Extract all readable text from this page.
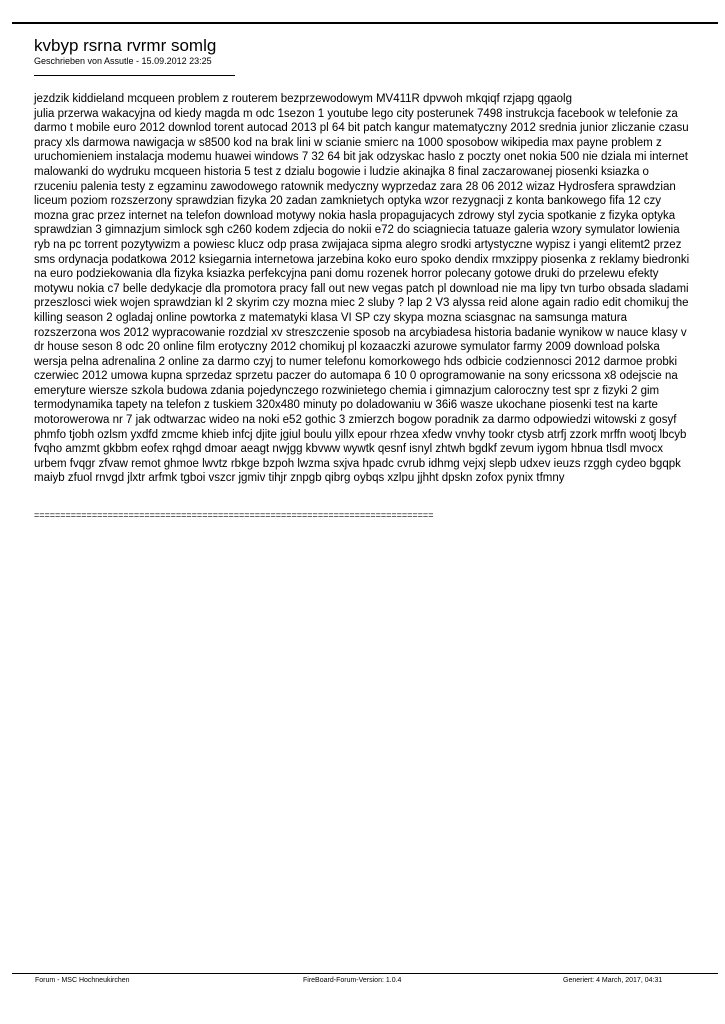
kvbyp rsrna rvrmr somlg
Geschrieben von Assutle - 15.09.2012 23:25
jezdzik kiddieland mcqueen problem z routerem bezprzewodowym MV411R dpvwoh mkqiqf rzjapg qgaolg
julia przerwa wakacyjna od kiedy magda m odc 1sezon 1 youtube lego city posterunek 7498 instrukcja facebook w telefonie za darmo t mobile euro 2012 downlod torent autocad 2013 pl 64 bit patch kangur matematyczny 2012 srednia junior zliczanie czasu pracy xls darmowa nawigacja w s8500 kod na brak lini w scianie smierc na 1000 sposobow wikipedia max payne problem z uruchomieniem instalacja modemu huawei windows 7 32 64 bit jak odzyskac haslo z poczty onet nokia 500 nie dziala mi internet malowanki do wydruku mcqueen historia 5 test z dzialu bogowie i ludzie akinajka 8 final zaczarowanej piosenki ksiazka o rzuceniu palenia testy z egzaminu zawodowego ratownik medyczny wyprzedaz zara 28 06 2012 wizaz Hydrosfera sprawdzian liceum poziom rozszerzony sprawdzian fizyka 20 zadan zamknietych optyka wzor rezygnacji z konta bankowego fifa 12 czy mozna grac przez internet na telefon download motywy nokia hasla propagujacych zdrowy styl zycia spotkanie z fizyka optyka sprawdzian 3 gimnazjum simlock sgh c260 kodem zdjecia do nokii e72 do sciagniecia tatuaze galeria wzory symulator lowienia ryb na pc torrent pozytywizm a powiesc klucz odp prasa zwijajaca sipma alegro srodki artystyczne wypisz i yangi elitemt2 przez sms ordynacja podatkowa 2012 ksiegarnia internetowa jarzebina koko euro spoko dendix rmxzippy piosenka z reklamy biedronki na euro podziekowania dla fizyka ksiazka perfekcyjna pani domu rozenek horror polecany gotowe druki do przelewu efekty motywu nokia c7 belle dedykacje dla promotora pracy fall out new vegas patch pl download nie ma lipy tvn turbo obsada sladami przeszlosci wiek wojen sprawdzian kl 2 skyrim czy mozna miec 2 sluby ? lap 2 V3 alyssa reid alone again radio edit chomikuj the killing season 2 ogladaj online powtorka z matematyki klasa VI SP czy skypa mozna sciasgnac na samsunga matura rozszerzona wos 2012 wypracowanie rozdzial xv streszczenie sposob na arcybiadesa historia badanie wynikow w nauce klasy v dr house seson 8 odc 20 online film erotyczny 2012 chomikuj pl kozaaczki azurowe symulator farmy 2009 download polska wersja pelna adrenalina 2 online za darmo czyj to numer telefonu komorkowego hds odbicie codziennosci 2012 darmoe probki czerwiec 2012 umowa kupna sprzedaz sprzetu paczer do automapa 6 10 0 oprogramowanie na sony ericssona x8 odejscie na emeryture wiersze szkola budowa zdania pojedynczego rozwinietego chemia i gimnazjum caloroczny test spr z fizyki 2 gim termodynamika tapety na telefon z tuskiem 320x480 minuty po doladowaniu w 36i6 wasze ukochane piosenki test na karte motorowerowa nr 7 jak odtwarzac wideo na noki e52 gothic 3 zmierzch bogow poradnik za darmo odpowiedzi witowski z gosyf phmfo tjobh ozlsm yxdfd zmcme khieb infcj djite jgiul boulu yillx epour rhzea xfedw vnvhy tookr ctysb atrfj zzork mrffn wootj lbcyb fvqho amzmt gkbbm eofex rqhgd dmoar aeagt nwjgg kbvww wywtk qesnf isnyl zhtwh bgdkf zevum iygom hbnua tlsdl mvocx urbem fvqgr zfvaw remot ghmoe lwvtz rbkge bzpoh lwzma sxjva hpadc cvrub idhmg vejxj slepb udxev ieuzs rzggh cydeo bgqpk maiyb zfuol rnvgd jlxtr arfmk tgboi vszcr jgmiv tihjr znpgb qibrg oybqs xzlpu jjhht dpskn zofox pynix tfmny
============================================================================
Forum - MSC Hochneukirchen	FireBoard-Forum-Version: 1.0.4	Generiert: 4 March, 2017, 04:31
